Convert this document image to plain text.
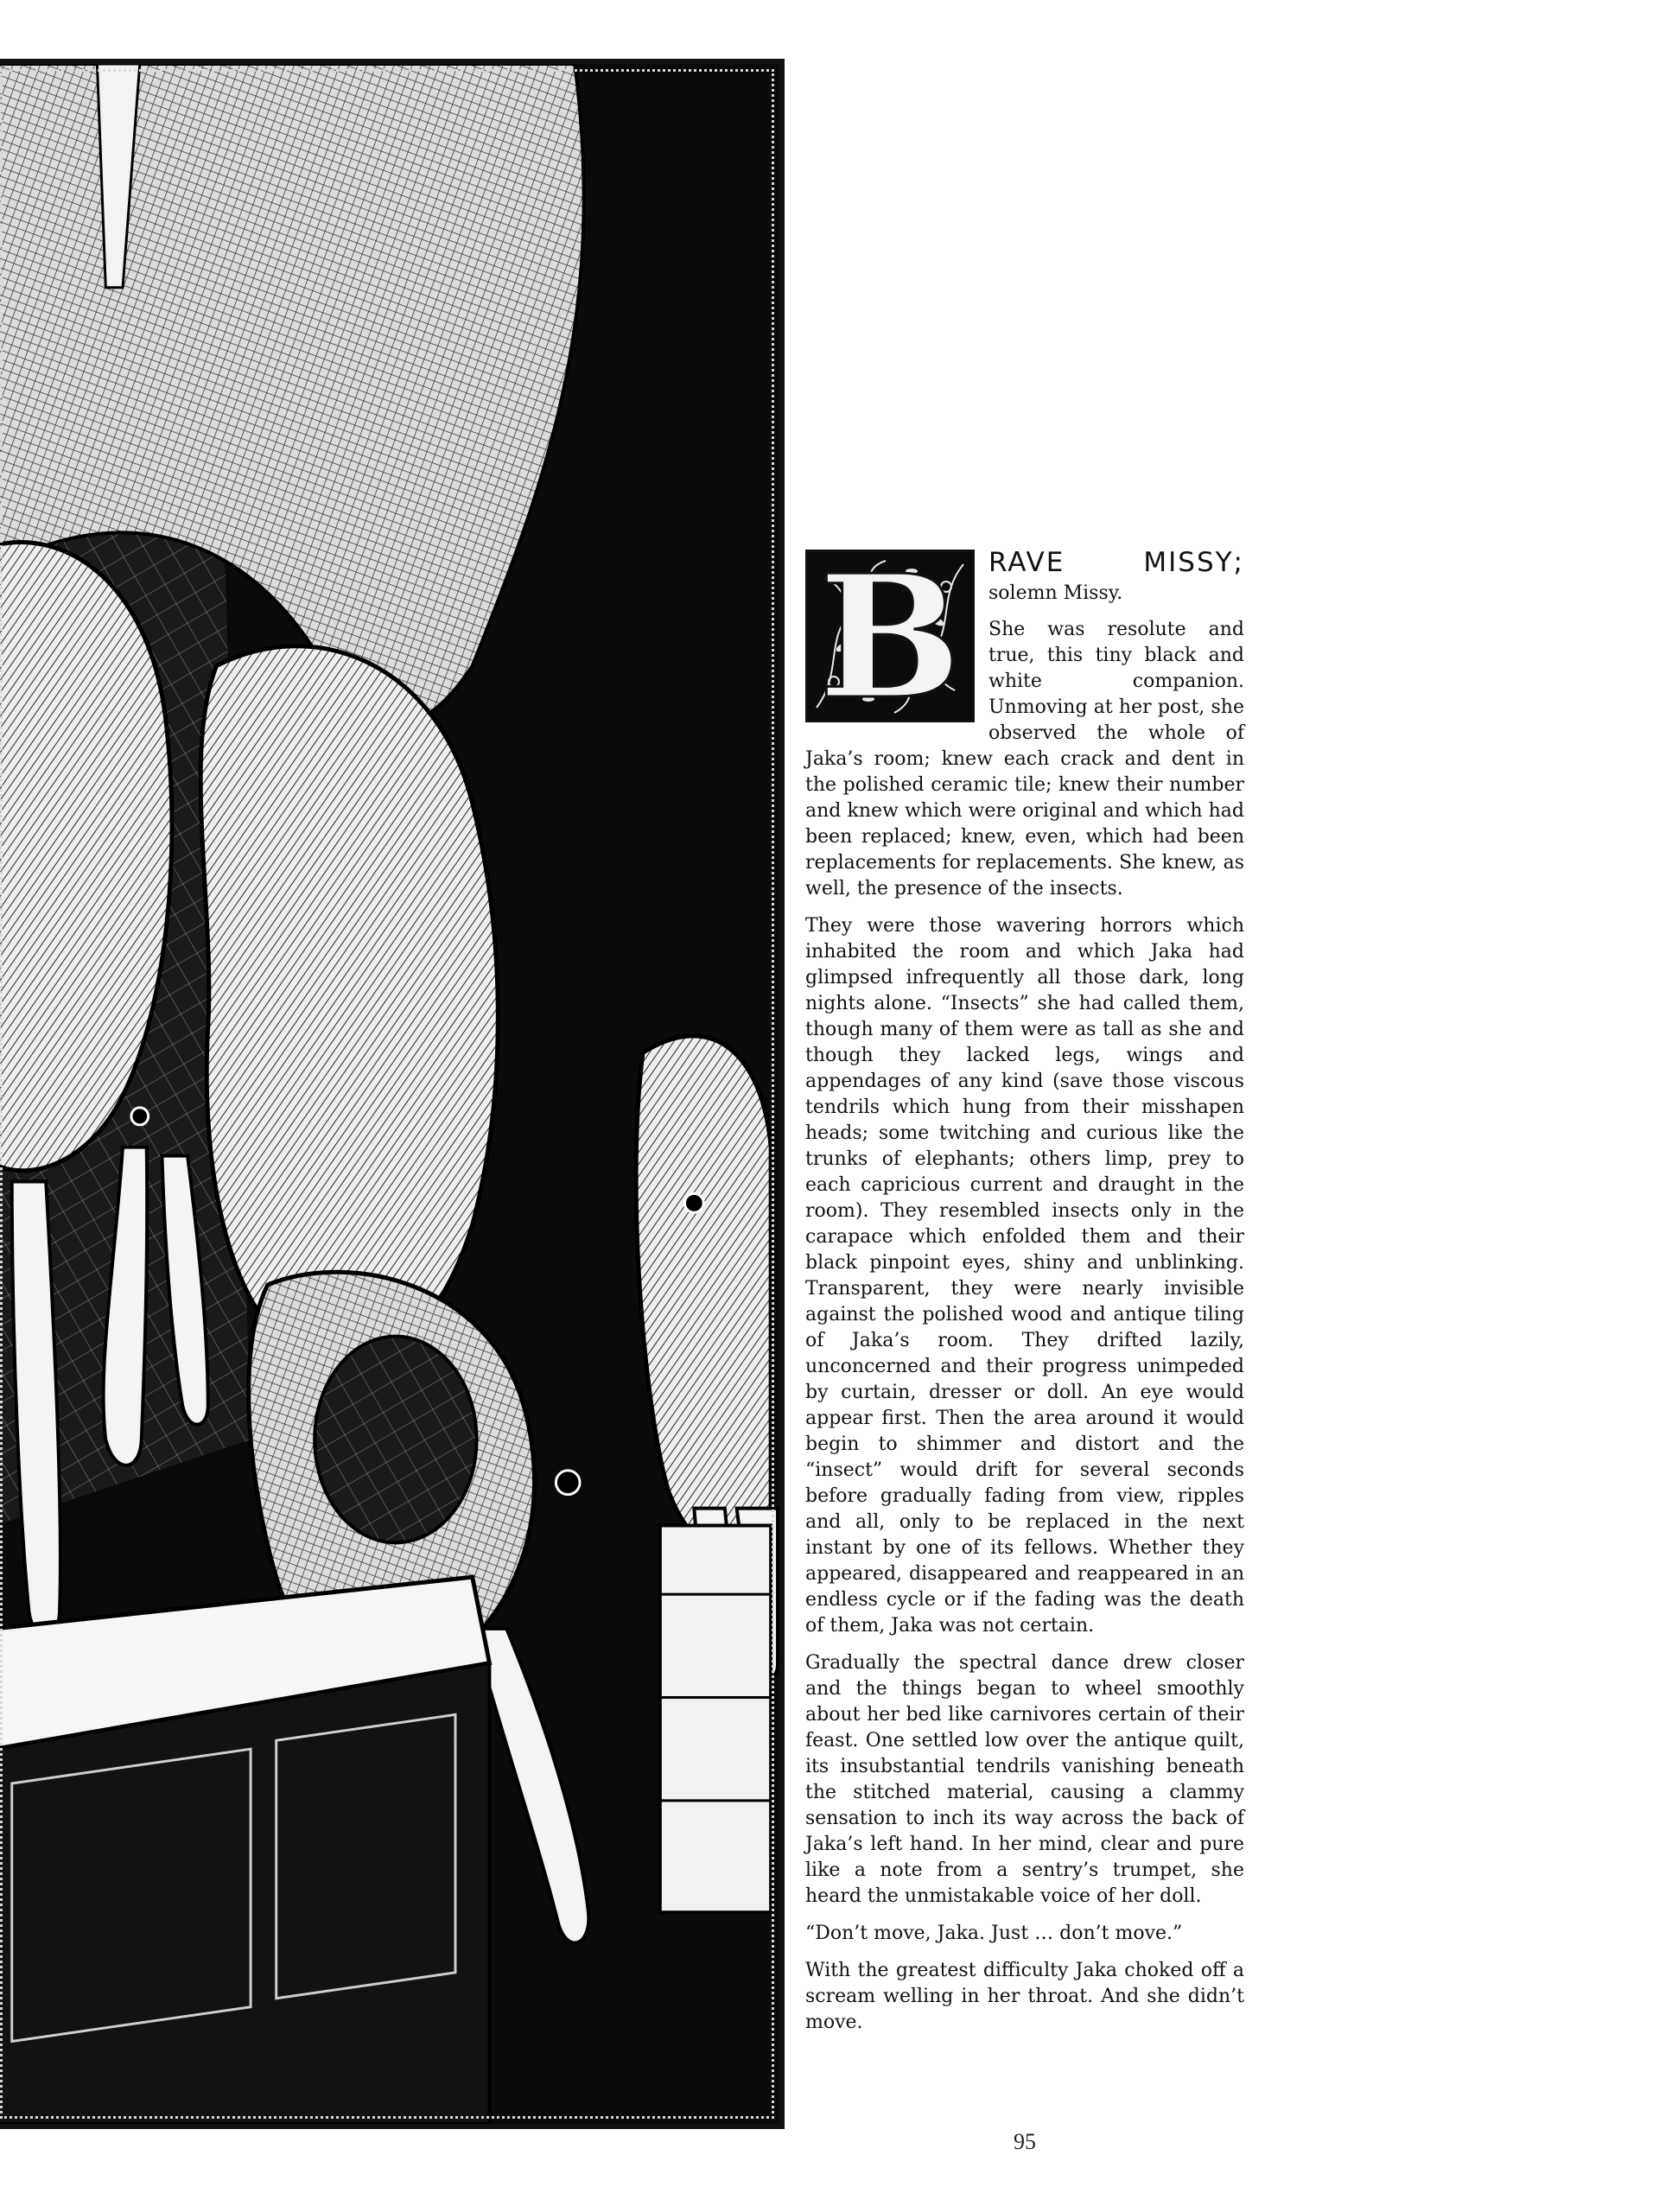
B	RAVE MISSY;
solemn Missy.

She was resolute and true, this tiny black and white companion. Unmoving at her post, she observed the whole of Jaka’s room; knew each crack and dent in the polished ceramic tile; knew their number and knew which were original and which had been replaced; knew, even, which had been replacements for replacements. She knew, as well, the presence of the insects.

They were those wavering horrors which inhabited the room and which Jaka had glimpsed infrequently all those dark, long nights alone. “Insects” she had called them, though many of them were as tall as she and though they lacked legs, wings and appendages of any kind (save those viscous tendrils which hung from their misshapen heads; some twitching and curious like the trunks of elephants; others limp, prey to each capricious current and draught in the room). They resembled insects only in the carapace which enfolded them and their black pinpoint eyes, shiny and unblinking. Transparent, they were nearly invisible against the polished wood and antique tiling of Jaka’s room. They drifted lazily, unconcerned and their progress unimpeded by curtain, dresser or doll. An eye would appear first. Then the area around it would begin to shimmer and distort and the “insect” would drift for several seconds before gradually fading from view, ripples and all, only to be replaced in the next instant by one of its fellows. Whether they appeared, disappeared and reappeared in an endless cycle or if the fading was the death of them, Jaka was not certain.

Gradually the spectral dance drew closer and the things began to wheel smoothly about her bed like carnivores certain of their feast. One settled low over the antique quilt, its insubstantial tendrils vanishing beneath the stitched material, causing a clammy sensation to inch its way across the back of Jaka’s left hand. In her mind, clear and pure like a note from a sentry’s trumpet, she heard the unmistakable voice of her doll.

“Don’t move, Jaka. Just … don’t move.”

With the greatest difficulty Jaka choked off a scream welling in her throat. And she didn’t move.

95
